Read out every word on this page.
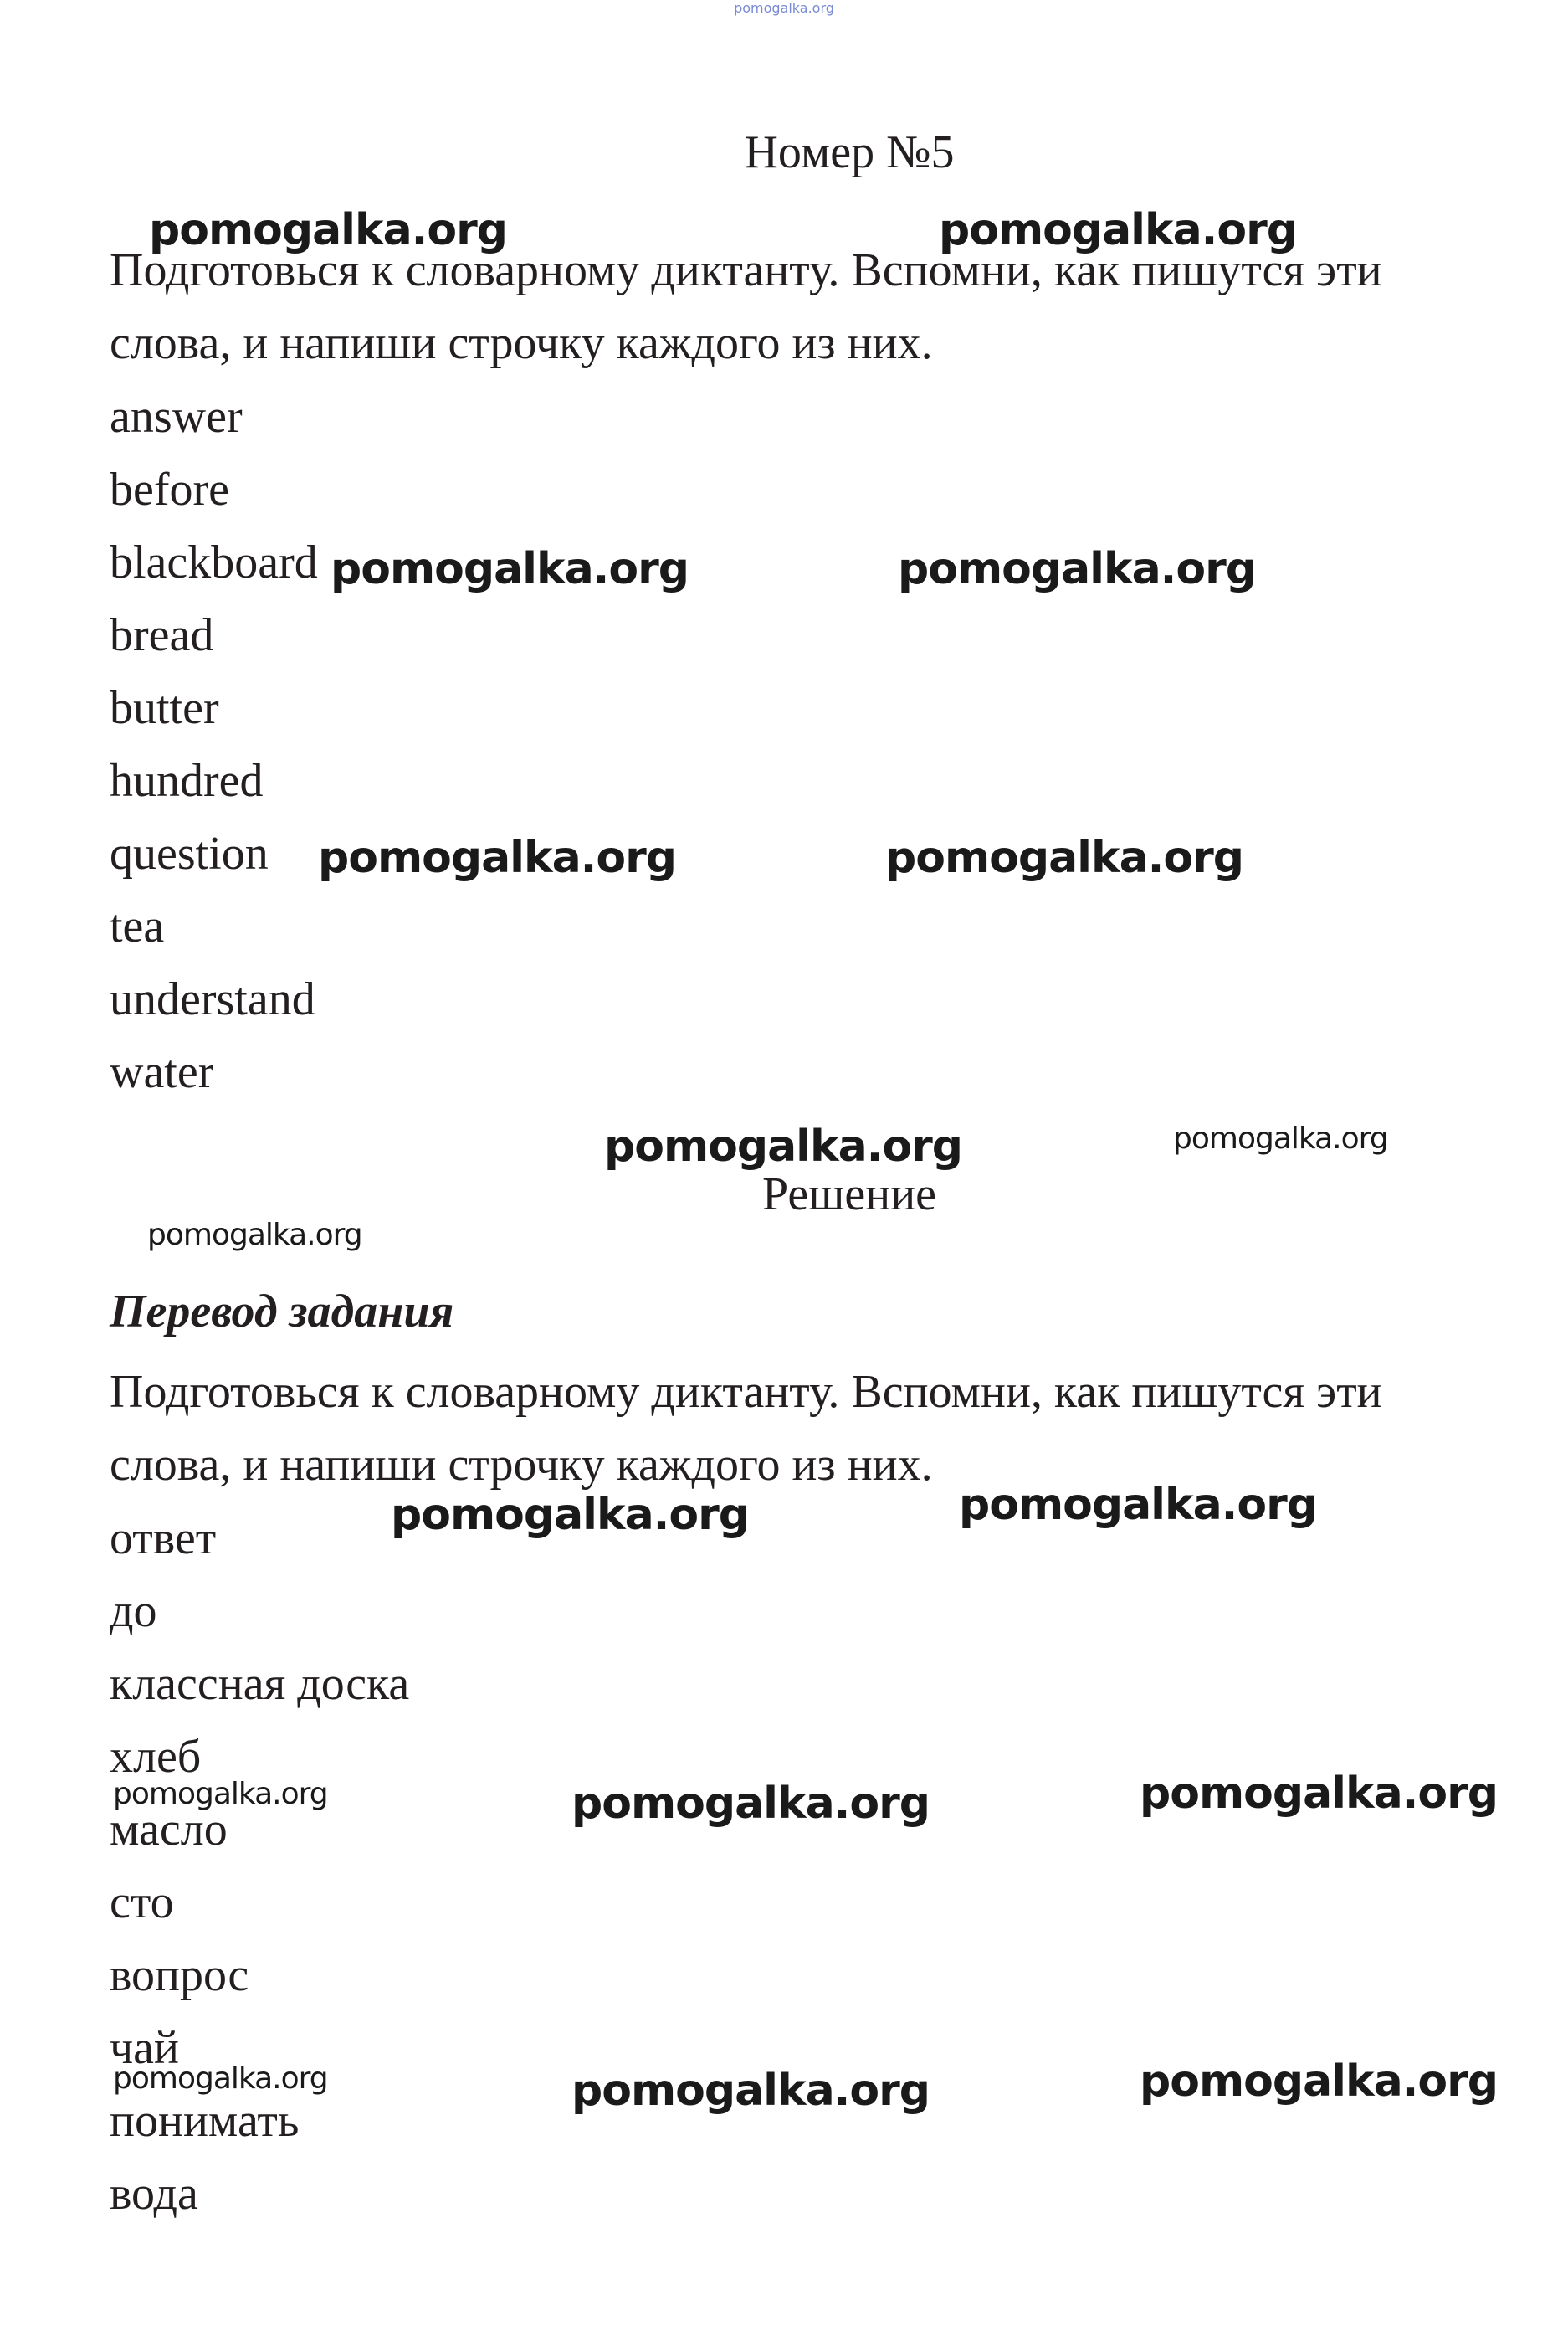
pomogalka.org
Номер №5

Подготовься к словарному диктанту. Вспомни, как пишутся эти слова, и напиши строчку каждого из них.

answer
before
blackboard
bread
butter
hundred
question
tea
understand
water
Решение
Перевод задания

Подготовься к словарному диктанту. Вспомни, как пишутся эти слова, и напиши строчку каждого из них.

ответ
до
классная доска
хлеб
масло
сто
вопрос
чай
понимать
вода
pomogalka.org	pomogalka.org
pomogalka.org	pomogalka.org
pomogalka.org	pomogalka.org
pomogalka.org	pomogalka.org
pomogalka.org
pomogalka.org	pomogalka.org
pomogalka.org	pomogalka.org	pomogalka.org
pomogalka.org	pomogalka.org	pomogalka.org
